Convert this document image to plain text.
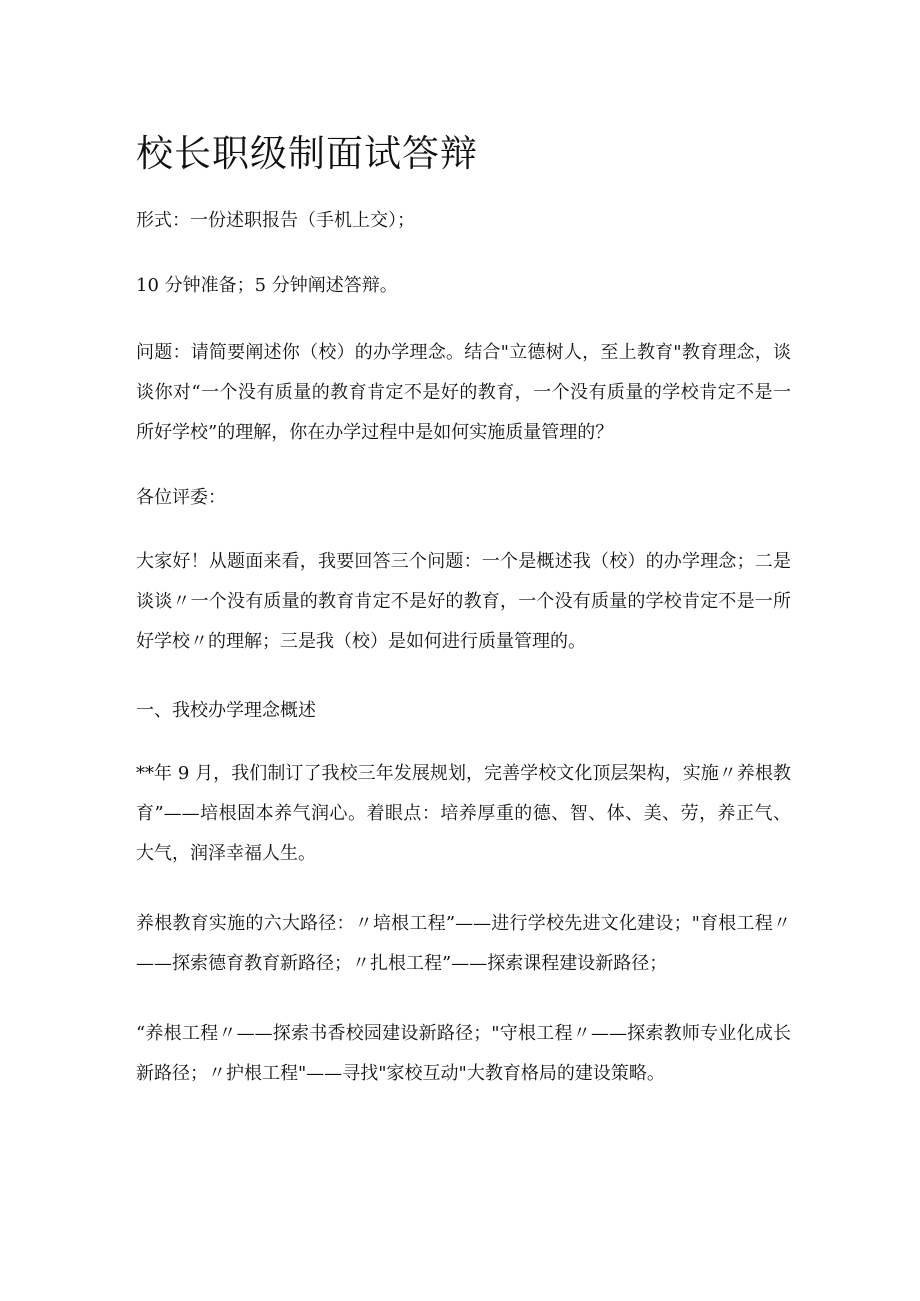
校长职级制面试答辩

形式：一份述职报告（手机上交）；

10 分钟准备；5 分钟阐述答辩。

问题：请简要阐述你（校）的办学理念。结合"立德树人，至上教育"教育理念，谈谈你对“一个没有质量的教育肯定不是好的教育，一个没有质量的学校肯定不是一所好学校”的理解，你在办学过程中是如何实施质量管理的？

各位评委：

大家好！从题面来看，我要回答三个问题：一个是概述我（校）的办学理念；二是谈谈〃一个没有质量的教育肯定不是好的教育，一个没有质量的学校肯定不是一所好学校〃的理解；三是我（校）是如何进行质量管理的。

一、我校办学理念概述

**年 9 月，我们制订了我校三年发展规划，完善学校文化顶层架构，实施〃养根教育”——培根固本养气润心。着眼点：培养厚重的德、智、体、美、劳，养正气、大气，润泽幸福人生。

养根教育实施的六大路径：〃培根工程”——进行学校先进文化建设；"育根工程〃——探索德育教育新路径；〃扎根工程”——探索课程建设新路径；

“养根工程〃——探索书香校园建设新路径；"守根工程〃——探索教师专业化成长新路径；〃护根工程"——寻找"家校互动"大教育格局的建设策略。
